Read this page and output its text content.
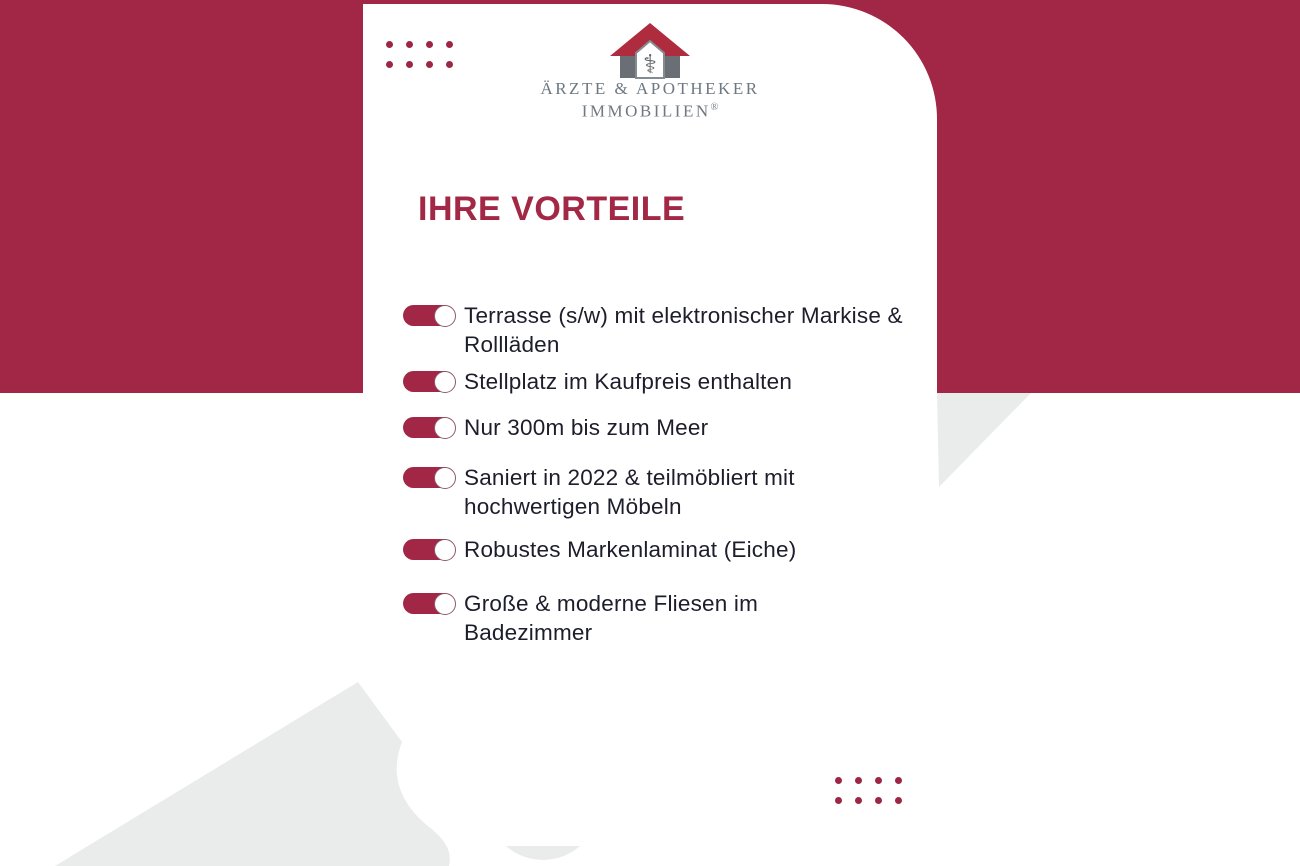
⚕
ÄRZTE & APOTHEKER
IMMOBILIEN®
IHRE VORTEILE
Terrasse (s/w) mit elektronischer Markise & Rollläden
Stellplatz im Kaufpreis enthalten
Nur 300m bis zum Meer
Saniert in 2022 & teilmöbliert mit hochwertigen Möbeln
Robustes Markenlaminat (Eiche)
Große & moderne Fliesen im Badezimmer
